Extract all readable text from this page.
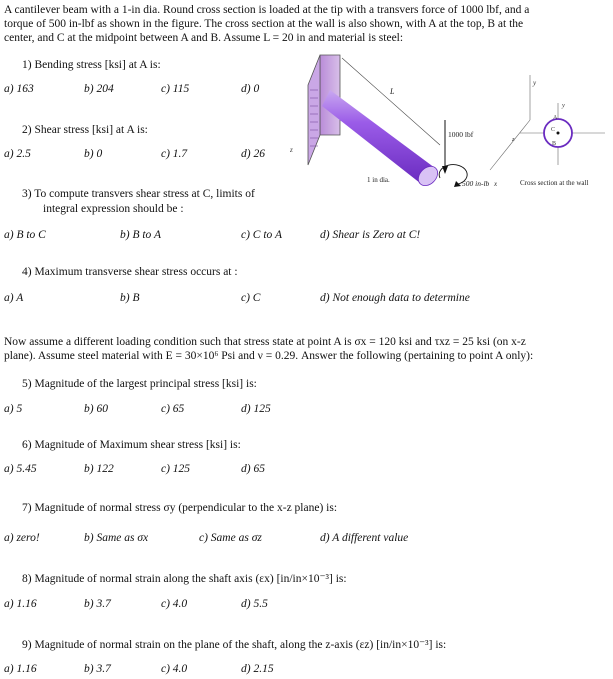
A cantilever beam with a 1-in dia. Round cross section is loaded at the tip with a transvers force of 1000 lbf, and a
torque of 500 in-lbf as shown in the figure. The cross section at the wall is also shown, with A at the top, B at the
center, and C at the midpoint between A and B. Assume L = 20 in and material is steel:
1) Bending stress [ksi] at A is:
a) 163	b) 204	c) 115	d) 0
2) Shear stress [ksi] at A is:
a) 2.5	b) 0	c) 1.7	d) 26
3) To compute transvers shear stress at C, limits of
integral expression should be :
a) B to C	b) B to A	c) C to A	d) Shear is Zero at C!
4) Maximum transverse shear stress occurs at :
a) A	b) B	c) C	d) Not enough data to determine
Now assume a different loading condition such that stress state at point A is σx = 120 ksi and τxz = 25 ksi (on x-z
plane). Assume steel material with E = 30×10⁶ Psi and ν = 0.29. Answer the following (pertaining to point A only):
5) Magnitude of the largest principal stress [ksi] is:
a) 5	b) 60	c) 65	d) 125
6) Magnitude of Maximum shear stress [ksi] is:
a) 5.45	b) 122	c) 125	d) 65
7) Magnitude of normal stress σy (perpendicular to the x-z plane) is:
a) zero!	b) Same as σx	c) Same as σz	d) A different value
8) Magnitude of normal strain along the shaft axis (εx) [in/in×10⁻³] is:
a) 1.16	b) 3.7	c) 4.0	d) 5.5
9) Magnitude of normal strain on the plane of the shaft, along the z-axis (εz) [in/in×10⁻³] is:
a) 1.16	b) 3.7	c) 4.0	d) 2.15
L
1000 lbf
500 in-lb
1 in dia.
y
x
z
y
z
A
C
B
Cross section at the wall
